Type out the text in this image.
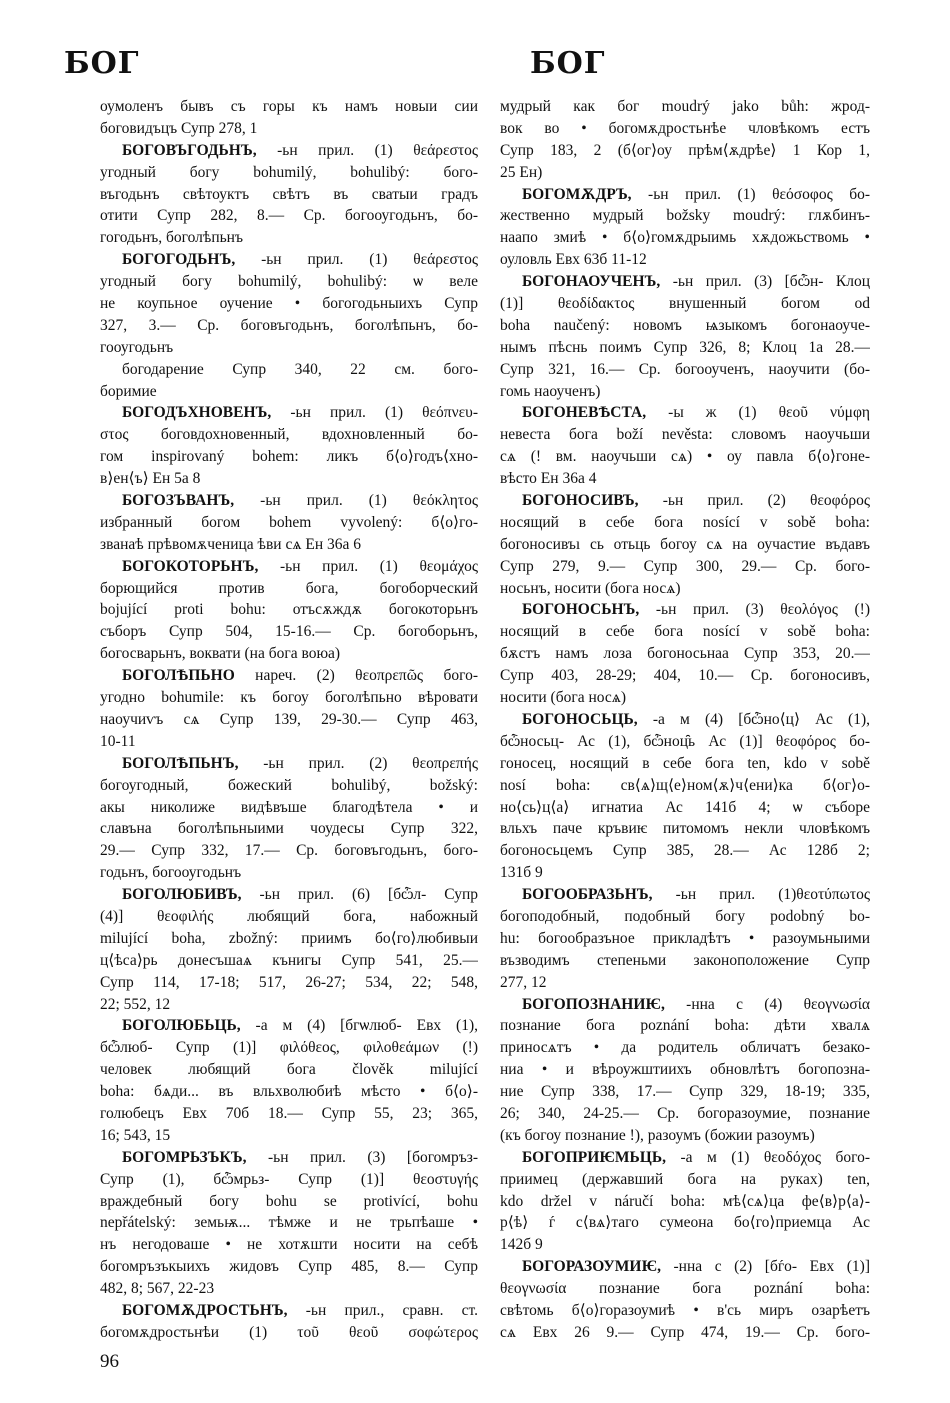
БОГ	БОГ
оумоленъ бывъ съ горы къ намъ новыи сии
боговидъцъ Супр 278, 1
БОГОВЪГОДЬНЪ, -ьн прил. (1) θεάρεστος
угодный богу bohumilý, bohulibý: бого-
въгодьнъ свѣтоуктъ свѣтъ въ сватыи градъ
отити Супр 282, 8.— Ср. богооугодьнъ, бо-
гогодьнъ, боголѣпьнъ
БОГОГОДЬНЪ, -ьн прил. (1) θεάρεστος
угодный богу bohumilý, bohulibý: ѡ веле
не коупьное оучение • богогодьныихъ Супр
327, 3.— Ср. боговъгодьнъ, боголѣпьнъ, бо-
гооугодьнъ
богодарение Супр 340, 22 см. бого-
боримие
БОГОДЪХНОВЕНЪ, -ьн прил. (1) θεόπνευ-
στος боговдохновенный, вдохновленный бо-
гом inspirovaný bohem: ликъ б⟨о⟩годъ⟨хно-
в⟩ен⟨ъ⟩ Ен 5а 8
БОГОЗЪВАНЪ, -ьн прил. (1) θεόκλητος
избранный богом bohem vyvolený: б⟨о⟩го-
званаѣ прѣвомѫченица ѣви сѧ Ен 36а 6
БОГОКОТОРЬНЪ, -ьн прил. (1) θεομάχος
борющийся против бога, богоборческий
bojující proti bohu: отъсѫждѫ богокоторьнъ
съборъ Супр 504, 15-16.— Ср. богоборьнъ,
богосварьнъ, воквати (на бога воюа)
БОГОЛѢПЬНО нареч. (2) θεοπρεπῶς бого-
угодно bohumile: къ богоу боголѣпьно вѣровати
наоучиѵъ сѧ Супр 139, 29-30.— Супр 463,
10-11
БОГОЛѢПЬНЪ, -ьн прил. (2) θεοπρεπής
богоугодный, божеский bohulibý, božský:
акы николиже видѣвъше благодѣтела • и
славъна боголѣпьныими чоудесы Супр 322,
29.— Супр 332, 17.— Ср. боговъгодьнъ, бого-
годьнъ, богооугодьнъ
БОГОЛЮБИВЪ, -ьн прил. (6) [бѽл- Супр
(4)] θεοφιλής любящий бога, набожный
milující boha, zbožný: приимъ бо⟨го⟩любивыи
ц⟨ѣса⟩рь донесъшаѧ кънигы Супр 541, 25.—
Супр 114, 17-18; 517, 26-27; 534, 22; 548,
22; 552, 12
БОГОЛЮБЬЦЬ, -а м (4) [бгѡлюб- Евх (1),
бѽлюб- Супр (1)] φιλόθεος, φιλοθεάμων (!)
человек любящий бога člověk milující
boha: бѧди... въ вльхволюбиѣ мѣсто • б⟨о⟩-
голюбецъ Евх 70б 18.— Супр 55, 23; 365,
16; 543, 15
БОГОМРЬЗЪКЪ, -ьн прил. (3) [богомръз-
Супр (1), бѽмрьз- Супр (1)] θεοστυγής
враждебный богу bohu se protivící, bohu
nepřátelský: земьѭ... тѣмже и не трьпѣаше •
нъ негодоваше • не хотѫшти носити на себѣ
богомръзъкыихъ жидовъ Супр 485, 8.— Супр
482, 8; 567, 22-23
БОГОМѪДРОСТЬНЪ, -ьн прил., сравн. ст.
богомѫдростьнѣи (1) τοῦ θεοῦ σοφώτερος
мудрый как бог moudrý jako bůh: жрод-
вок во • богомѫдростьнѣе чловѣкомъ естъ
Супр 183, 2 (б⟨ог⟩оу прѣм⟨ѫдрѣе⟩ 1 Кор 1,
25 Ен)
БОГОМѪДРЪ, -ьн прил. (1) θεόσοφος бо-
жественно мудрый božsky moudrý: глѫбинъ-
наапо змиѣ • б⟨о⟩гомѫдрыимь хѫдожьствомь •
оуловль Евх 63б 11-12
БОГОНАОУЧЕНЪ, -ьн прил. (3) [бѽн- Клоц
(1)] θεοδίδακτος внушенный богом od
boha naučený: новомъ ѩзыкомъ богонаоуче-
нымъ пѣснь поимъ Супр 326, 8; Клоц 1а 28.—
Супр 321, 16.— Ср. богооученъ, наоучити (бо-
гомь наоученъ)
БОГОНЕВѢСТА, -ы ж (1) θεοῦ νύμφη
невеста бога boží nevěsta: словомъ наоучьши
сѧ (! вм. наоучьши сѧ) • оу павла б⟨о⟩гоне-
вѣсто Ен 36а 4
БОГОНОСИВЪ, -ьн прил. (2) θεοφόρος
носящий в себе бога nosící v sobě boha:
богоносивъı сь отьць богоу сѧ на оучастие въдавъ
Супр 279, 9.— Супр 300, 29.— Ср. бого-
носьнъ, носити (бога носѧ)
БОГОНОСЬНЪ, -ьн прил. (3) θεολόγος (!)
носящий в себе бога nosící v sobě boha:
бѫстъ намъ лоза богоносьнаа Супр 353, 20.—
Супр 403, 28-29; 404, 10.— Ср. богоносивъ,
носити (бога носѧ)
БОГОНОСЬЦЬ, -а м (4) [бѽно⟨ц⟩ Ас (1),
бѽносьц- Ас (1), бѽноц̑ь Ас (1)] θεοφόρος бо-
гоносец, носящий в себе бога ten, kdo v sobě
nosí boha: св⟨ѧ⟩щ⟨е⟩ном⟨ѫ⟩ч⟨ени⟩ка б⟨ог⟩о-
но⟨сь⟩ц⟨а⟩ игнатиа Ас 141б 4; ѡ съборе
вльхъ паче кръвиѥ питомомъ некли чловѣкомъ
богоносьцемъ Супр 385, 28.— Ас 128б 2;
131б 9
БОГООБРАЗЬНЪ, -ьн прил. (1)θεοτύπωτος
богоподобный, подобный богу podobný bo-
hu: богообразъное прикладѣтъ • разоумьныими
възводимъ степеньми законоположение Супр
277, 12
БОГОПОЗНАНИѤ, -нна с (4) θεογνωσία
познание бога poznání boha: дѣти хвалѧ
приносѧтъ • да родитель обличатъ безако-
ниа • и вѣроужштиихъ обновлѣтъ богопозна-
ние Супр 338, 17.— Супр 329, 18-19; 335,
26; 340, 24-25.— Ср. богоразоумие, познание
(къ богоу познание !), разоумъ (божии разоумъ)
БОГОПРИѤМЬЦЬ, -а м (1) θεοδόχος бого-
приимец (державший бога на руках) ten,
kdo držel v náručí boha: мѣ⟨сѧ⟩ца фе⟨в⟩р⟨а⟩-
р⟨ѣ⟩ ѓ с⟨вѧ⟩таго сумеона бо⟨го⟩приемца Ас
142б 9
БОГОРАЗОУМИѤ, -нна с (2) [бѓо- Евх (1)]
θεογνωσία познание бога poznání boha:
свѣтомь б⟨о⟩горазоумиѣ • в'сь миръ озарѣетъ
сѧ Евх 26 9.— Супр 474, 19.— Ср. бого-
96
